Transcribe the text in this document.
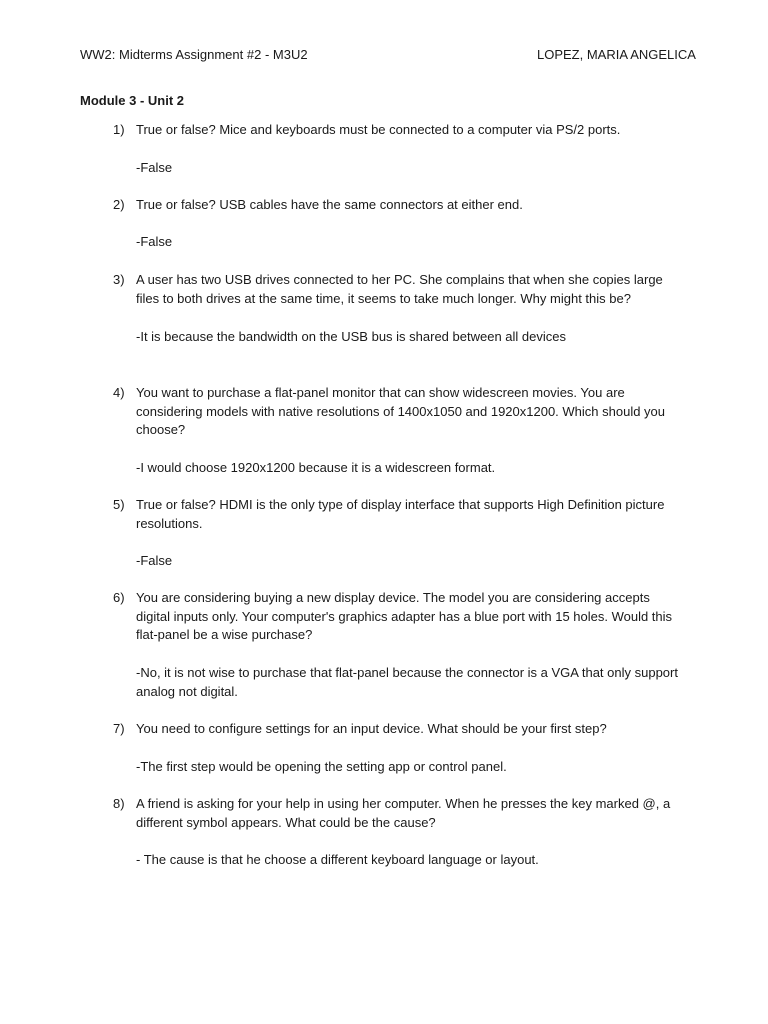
WW2: Midterms Assignment #2 - M3U2	LOPEZ, MARIA ANGELICA
Module 3 - Unit 2
1) True or false? Mice and keyboards must be connected to a computer via PS/2 ports.
-False
2) True or false? USB cables have the same connectors at either end.
-False
3) A user has two USB drives connected to her PC. She complains that when she copies large files to both drives at the same time, it seems to take much longer. Why might this be?
-It is because the bandwidth on the USB bus is shared between all devices
4) You want to purchase a flat-panel monitor that can show widescreen movies. You are considering models with native resolutions of 1400x1050 and 1920x1200. Which should you choose?
-I would choose 1920x1200 because it is a widescreen format.
5) True or false? HDMI is the only type of display interface that supports High Definition picture resolutions.
-False
6) You are considering buying a new display device. The model you are considering accepts digital inputs only. Your computer's graphics adapter has a blue port with 15 holes. Would this flat-panel be a wise purchase?
-No, it is not wise to purchase that flat-panel because the connector is a VGA that only support analog not digital.
7) You need to configure settings for an input device. What should be your first step?
-The first step would be opening the setting app or control panel.
8) A friend is asking for your help in using her computer. When he presses the key marked @, a different symbol appears. What could be the cause?
- The cause is that he choose a different keyboard language or layout.
